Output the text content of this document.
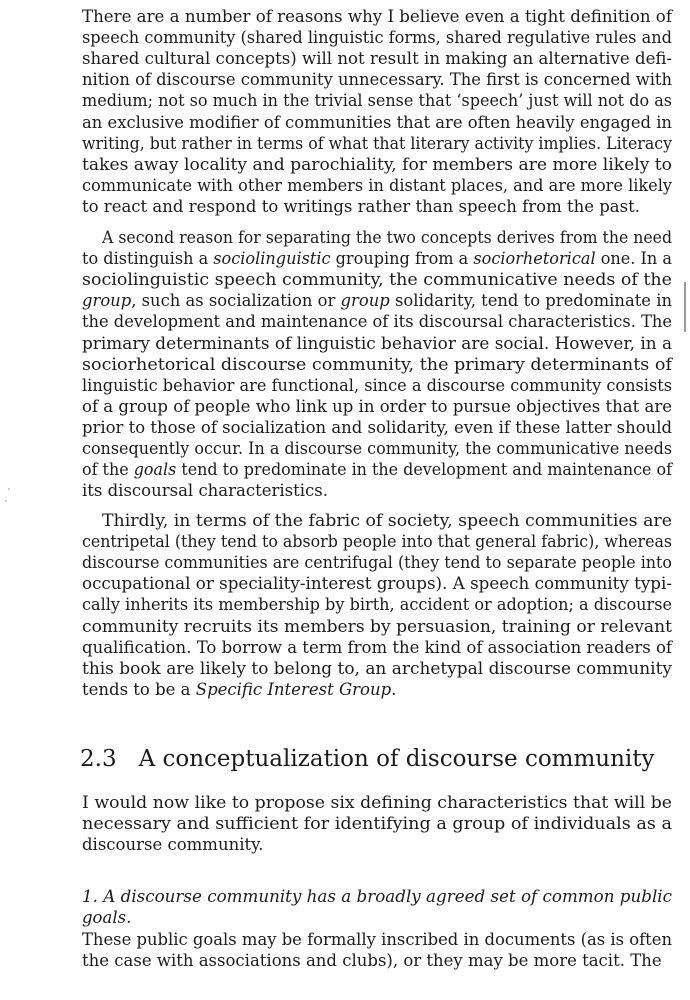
There are a number of reasons why I believe even a tight definition of
speech community (shared linguistic forms, shared regulative rules and
shared cultural concepts) will not result in making an alternative defi-
nition of discourse community unnecessary. The first is concerned with
medium; not so much in the trivial sense that ‘speech’ just will not do as
an exclusive modifier of communities that are often heavily engaged in
writing, but rather in terms of what that literary activity implies. Literacy
takes away locality and parochiality, for members are more likely to
communicate with other members in distant places, and are more likely
to react and respond to writings rather than speech from the past.
A second reason for separating the two concepts derives from the need
to distinguish a sociolinguistic grouping from a sociorhetorical one. In a
sociolinguistic speech community, the communicative needs of the
group, such as socialization or group solidarity, tend to predominate in
the development and maintenance of its discoursal characteristics. The
primary determinants of linguistic behavior are social. However, in a
sociorhetorical discourse community, the primary determinants of
linguistic behavior are functional, since a discourse community consists
of a group of people who link up in order to pursue objectives that are
prior to those of socialization and solidarity, even if these latter should
consequently occur. In a discourse community, the communicative needs
of the goals tend to predominate in the development and maintenance of
its discoursal characteristics.
Thirdly, in terms of the fabric of society, speech communities are
centripetal (they tend to absorb people into that general fabric), whereas
discourse communities are centrifugal (they tend to separate people into
occupational or speciality-interest groups). A speech community typi-
cally inherits its membership by birth, accident or adoption; a discourse
community recruits its members by persuasion, training or relevant
qualification. To borrow a term from the kind of association readers of
this book are likely to belong to, an archetypal discourse community
tends to be a Specific Interest Group.
I would now like to propose six defining characteristics that will be
necessary and sufficient for identifying a group of individuals as a
discourse community.
1. A discourse community has a broadly agreed set of common public
goals.
These public goals may be formally inscribed in documents (as is often
the case with associations and clubs), or they may be more tacit. The
2.3 A conceptualization of discourse community
